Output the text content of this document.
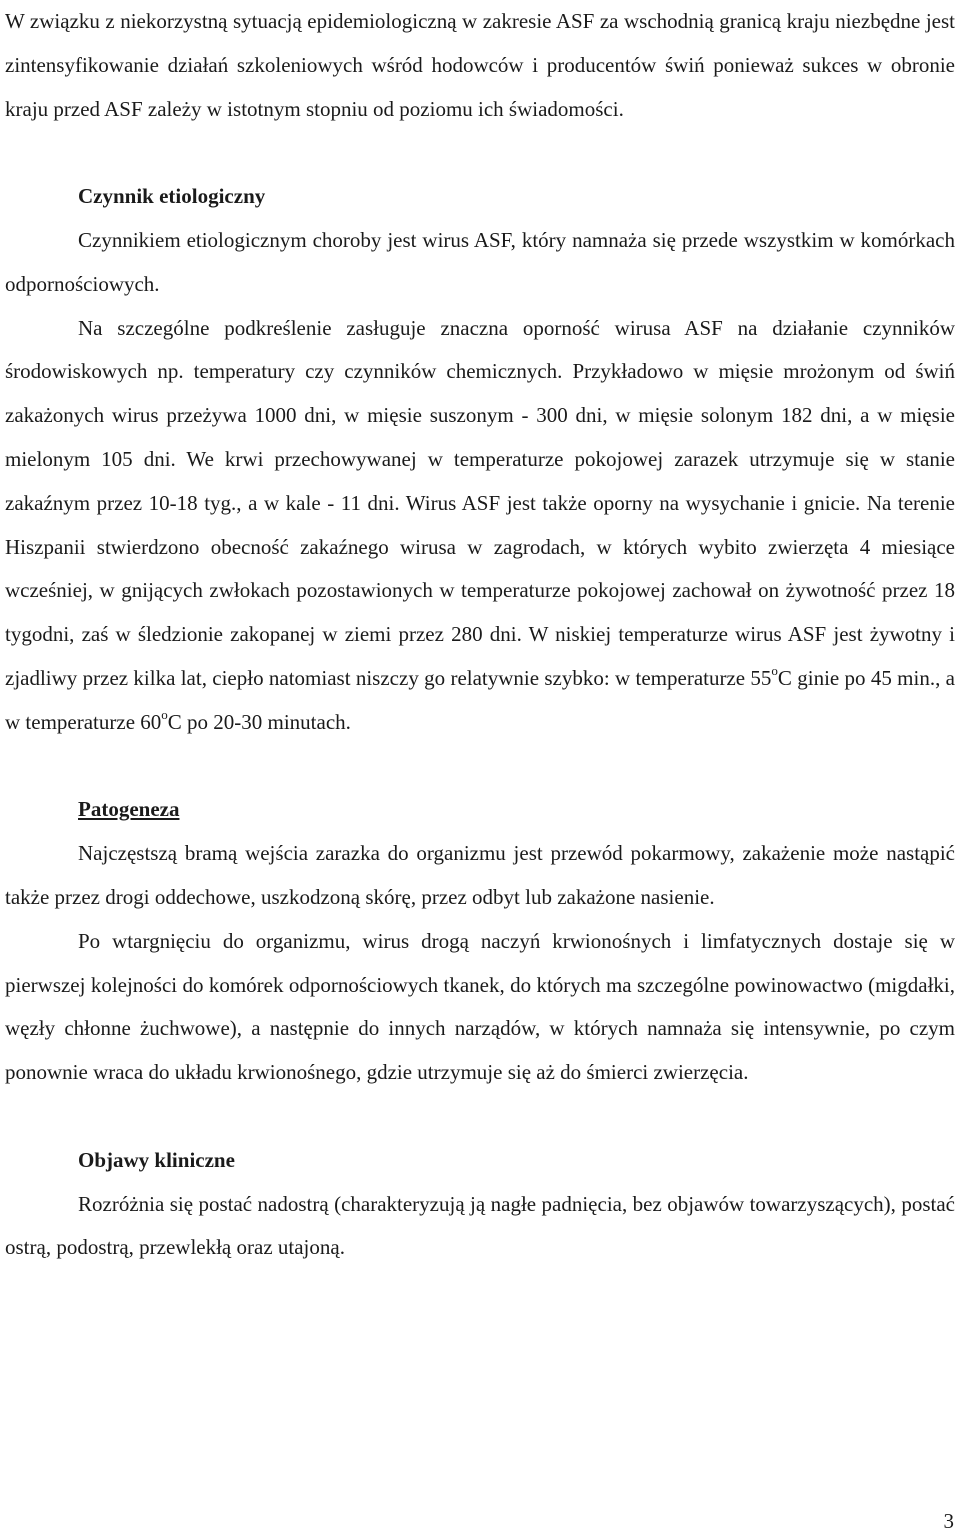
W związku z niekorzystną sytuacją epidemiologiczną w zakresie ASF za wschodnią granicą kraju niezbędne jest zintensyfikowanie działań szkoleniowych wśród hodowców i producentów świń ponieważ sukces w obronie kraju przed ASF zależy w istotnym stopniu od poziomu ich świadomości.

Czynnik etiologiczny

Czynnikiem etiologicznym choroby jest wirus ASF, który namnaża się przede wszystkim w komórkach odpornościowych.

Na szczególne podkreślenie zasługuje znaczna oporność wirusa ASF na działanie czynników środowiskowych np. temperatury czy czynników chemicznych. Przykładowo w mięsie mrożonym od świń zakażonych wirus przeżywa 1000 dni, w mięsie suszonym - 300 dni, w mięsie solonym 182 dni, a w mięsie mielonym 105 dni. We krwi przechowywanej w temperaturze pokojowej zarazek utrzymuje się w stanie zakaźnym przez 10-18 tyg., a w kale - 11 dni. Wirus ASF jest także oporny na wysychanie i gnicie. Na terenie Hiszpanii stwierdzono obecność zakaźnego wirusa w zagrodach, w których wybito zwierzęta 4 miesiące wcześniej, w gnijących zwłokach pozostawionych w temperaturze pokojowej zachował on żywotność przez 18 tygodni, zaś w śledzionie zakopanej w ziemi przez 280 dni. W niskiej temperaturze wirus ASF jest żywotny i zjadliwy przez kilka lat, ciepło natomiast niszczy go relatywnie szybko: w temperaturze 55$^o$C ginie po 45 min., a w temperaturze 60$^o$C po 20-30 minutach.

Patogeneza

Najczęstszą bramą wejścia zarazka do organizmu jest przewód pokarmowy, zakażenie może nastąpić także przez drogi oddechowe, uszkodzoną skórę, przez odbyt lub zakażone nasienie.

Po wtargnięciu do organizmu, wirus drogą naczyń krwionośnych i limfatycznych dostaje się w pierwszej kolejności do komórek odpornościowych tkanek, do których ma szczególne powinowactwo (migdałki, węzły chłonne żuchwowe), a następnie do innych narządów, w których namnaża się intensywnie, po czym ponownie wraca do układu krwionośnego, gdzie utrzymuje się aż do śmierci zwierzęcia.

Objawy kliniczne

Rozróżnia się postać nadostrą (charakteryzują ją nagłe padnięcia, bez objawów towarzyszących), postać ostrą, podostrą, przewlekłą oraz utajoną.

3
